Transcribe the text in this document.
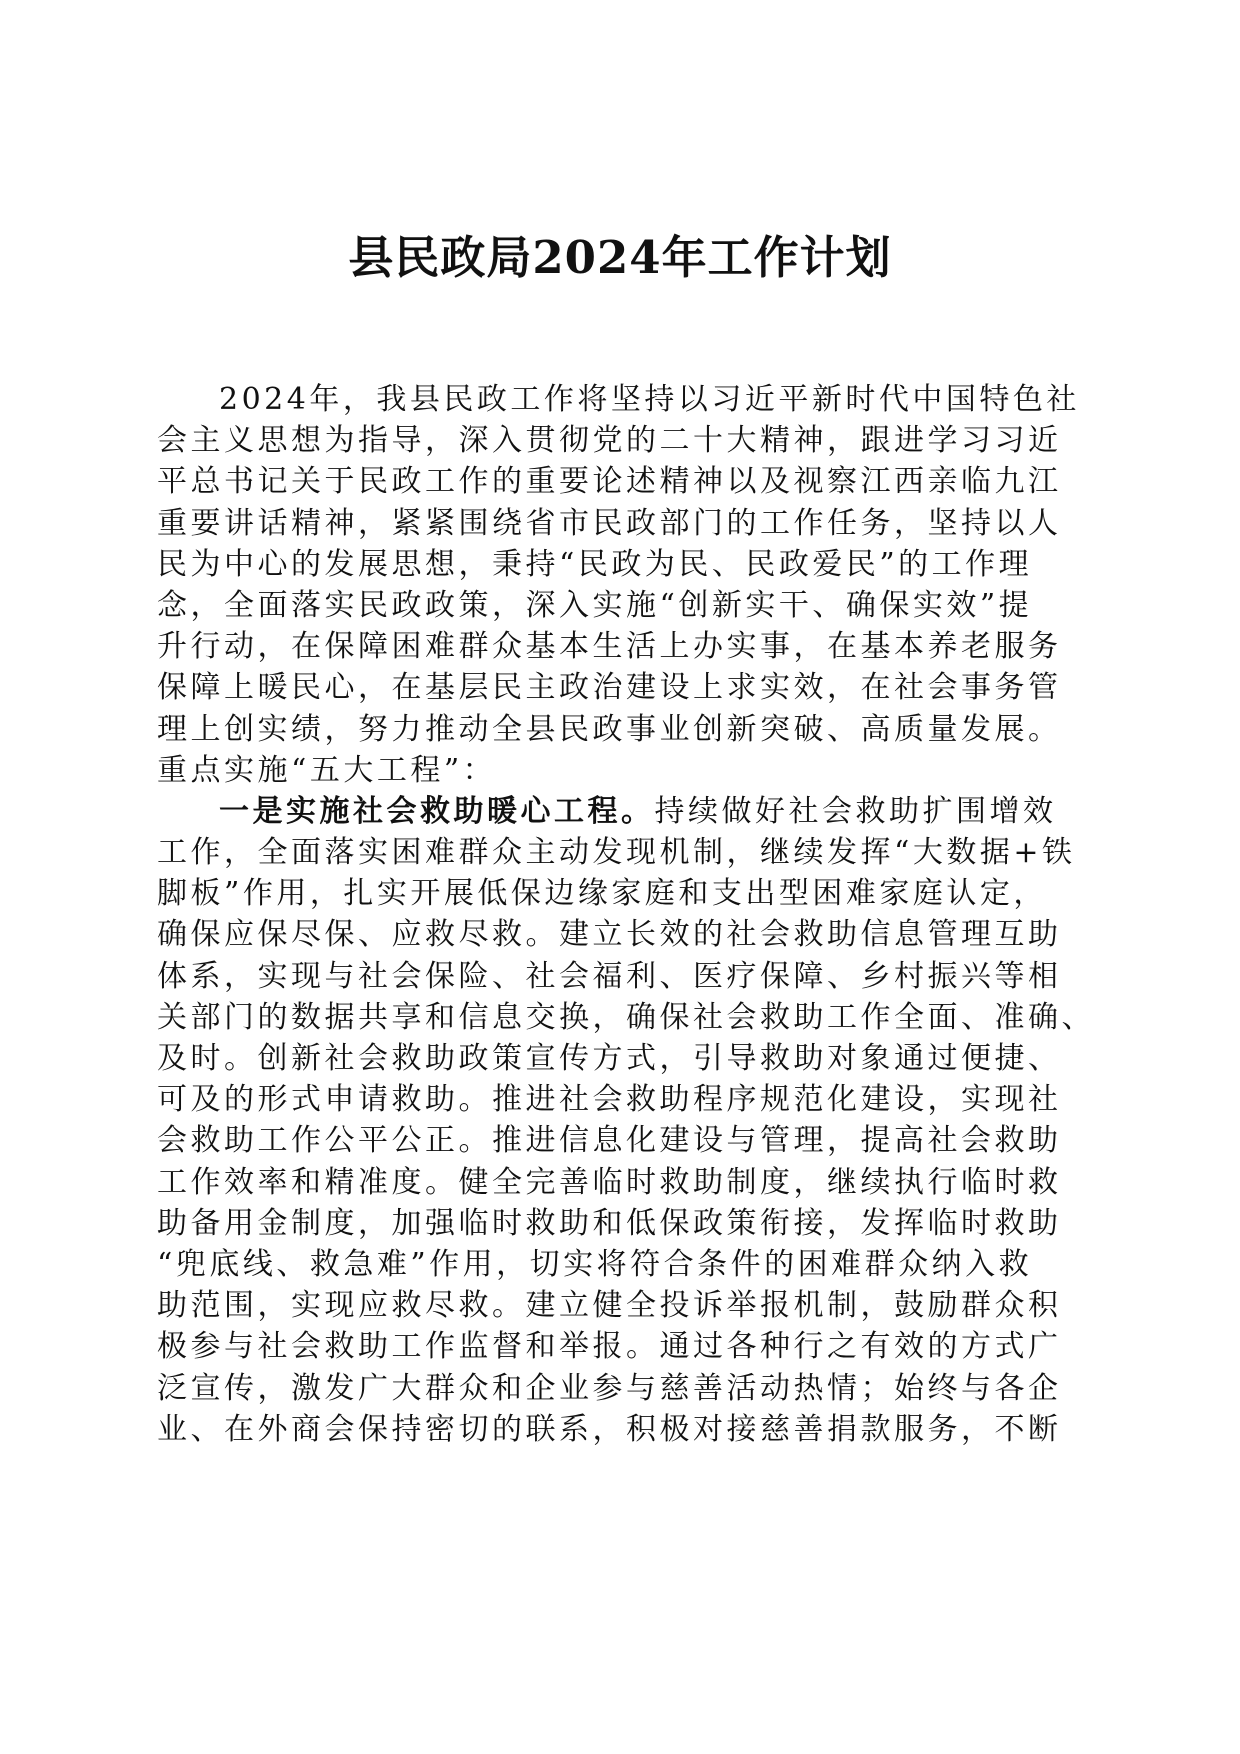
县民政局2024年工作计划
2024年，我县民政工作将坚持以习近平新时代中国特色社
会主义思想为指导，深入贯彻党的二十大精神，跟进学习习近
平总书记关于民政工作的重要论述精神以及视察江西亲临九江
重要讲话精神，紧紧围绕省市民政部门的工作任务，坚持以人
民为中心的发展思想，秉持“民政为民、民政爱民”的工作理
念，全面落实民政政策，深入实施“创新实干、确保实效”提
升行动，在保障困难群众基本生活上办实事，在基本养老服务
保障上暖民心，在基层民主政治建设上求实效，在社会事务管
理上创实绩，努力推动全县民政事业创新突破、高质量发展。
重点实施“五大工程”：
一是实施社会救助暖心工程。持续做好社会救助扩围增效
工作，全面落实困难群众主动发现机制，继续发挥“大数据+铁
脚板”作用，扎实开展低保边缘家庭和支出型困难家庭认定，
确保应保尽保、应救尽救。建立长效的社会救助信息管理互助
体系，实现与社会保险、社会福利、医疗保障、乡村振兴等相
关部门的数据共享和信息交换，确保社会救助工作全面、准确、
及时。创新社会救助政策宣传方式，引导救助对象通过便捷、
可及的形式申请救助。推进社会救助程序规范化建设，实现社
会救助工作公平公正。推进信息化建设与管理，提高社会救助
工作效率和精准度。健全完善临时救助制度，继续执行临时救
助备用金制度，加强临时救助和低保政策衔接，发挥临时救助
“兜底线、救急难”作用，切实将符合条件的困难群众纳入救
助范围，实现应救尽救。建立健全投诉举报机制，鼓励群众积
极参与社会救助工作监督和举报。通过各种行之有效的方式广
泛宣传，激发广大群众和企业参与慈善活动热情；始终与各企
业、在外商会保持密切的联系，积极对接慈善捐款服务，不断
